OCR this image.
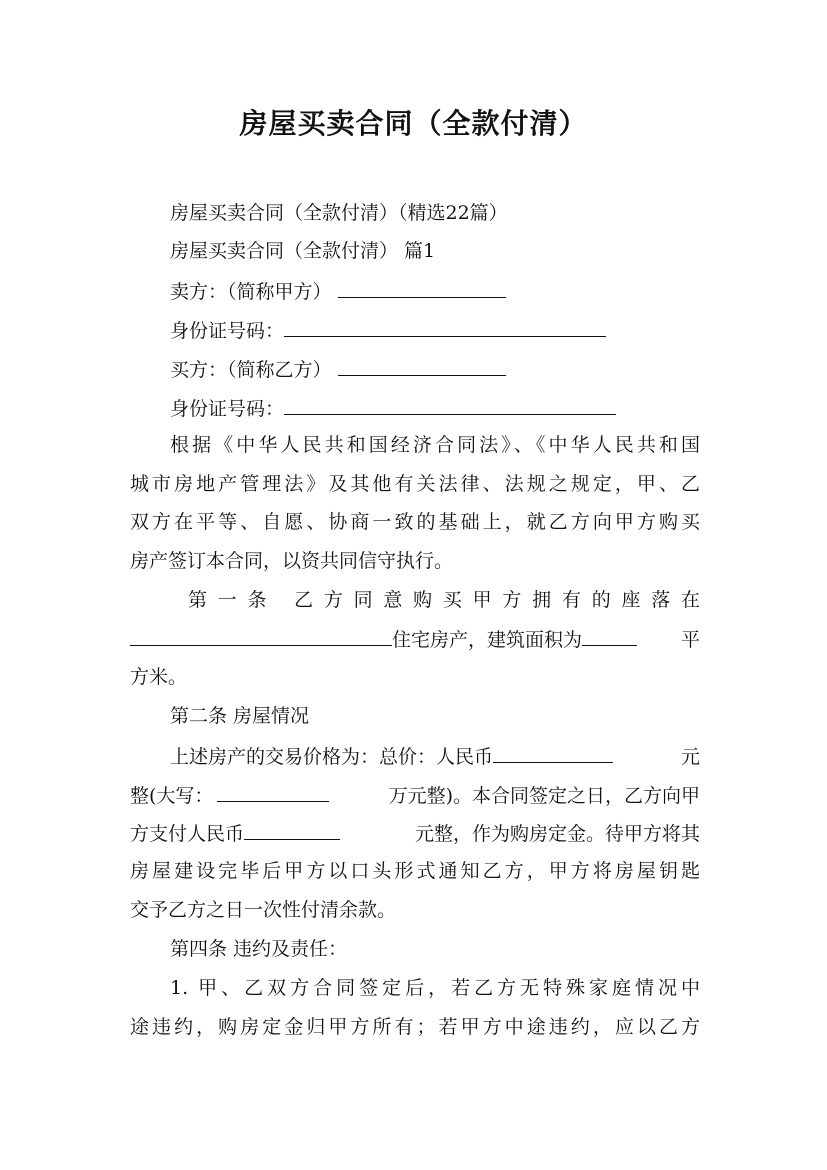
房屋买卖合同（全款付清）
房屋买卖合同（全款付清）（精选22篇）
房屋买卖合同（全款付清） 篇1
卖方：（简称甲方）
身份证号码：
买方：（简称乙方）
身份证号码：
根据《中华人民共和国经济合同法》、《中华人民共和国
城市房地产管理法》及其他有关法律、法规之规定，甲、乙
双方在平等、自愿、协商一致的基础上，就乙方向甲方购买
房产签订本合同，以资共同信守执行。
第一条 乙方同意购买甲方拥有的座落在
住宅房产，建筑面积为	平
方米。
第二条 房屋情况
上述房产的交易价格为：总价：人民币	元
整(大写：	万元整)。本合同签定之日，乙方向甲
方支付人民币	元整，作为购房定金。待甲方将其
房屋建设完毕后甲方以口头形式通知乙方，甲方将房屋钥匙
交予乙方之日一次性付清余款。
第四条 违约及责任：
1. 甲、乙双方合同签定后，若乙方无特殊家庭情况中
途违约，购房定金归甲方所有；若甲方中途违约，应以乙方
